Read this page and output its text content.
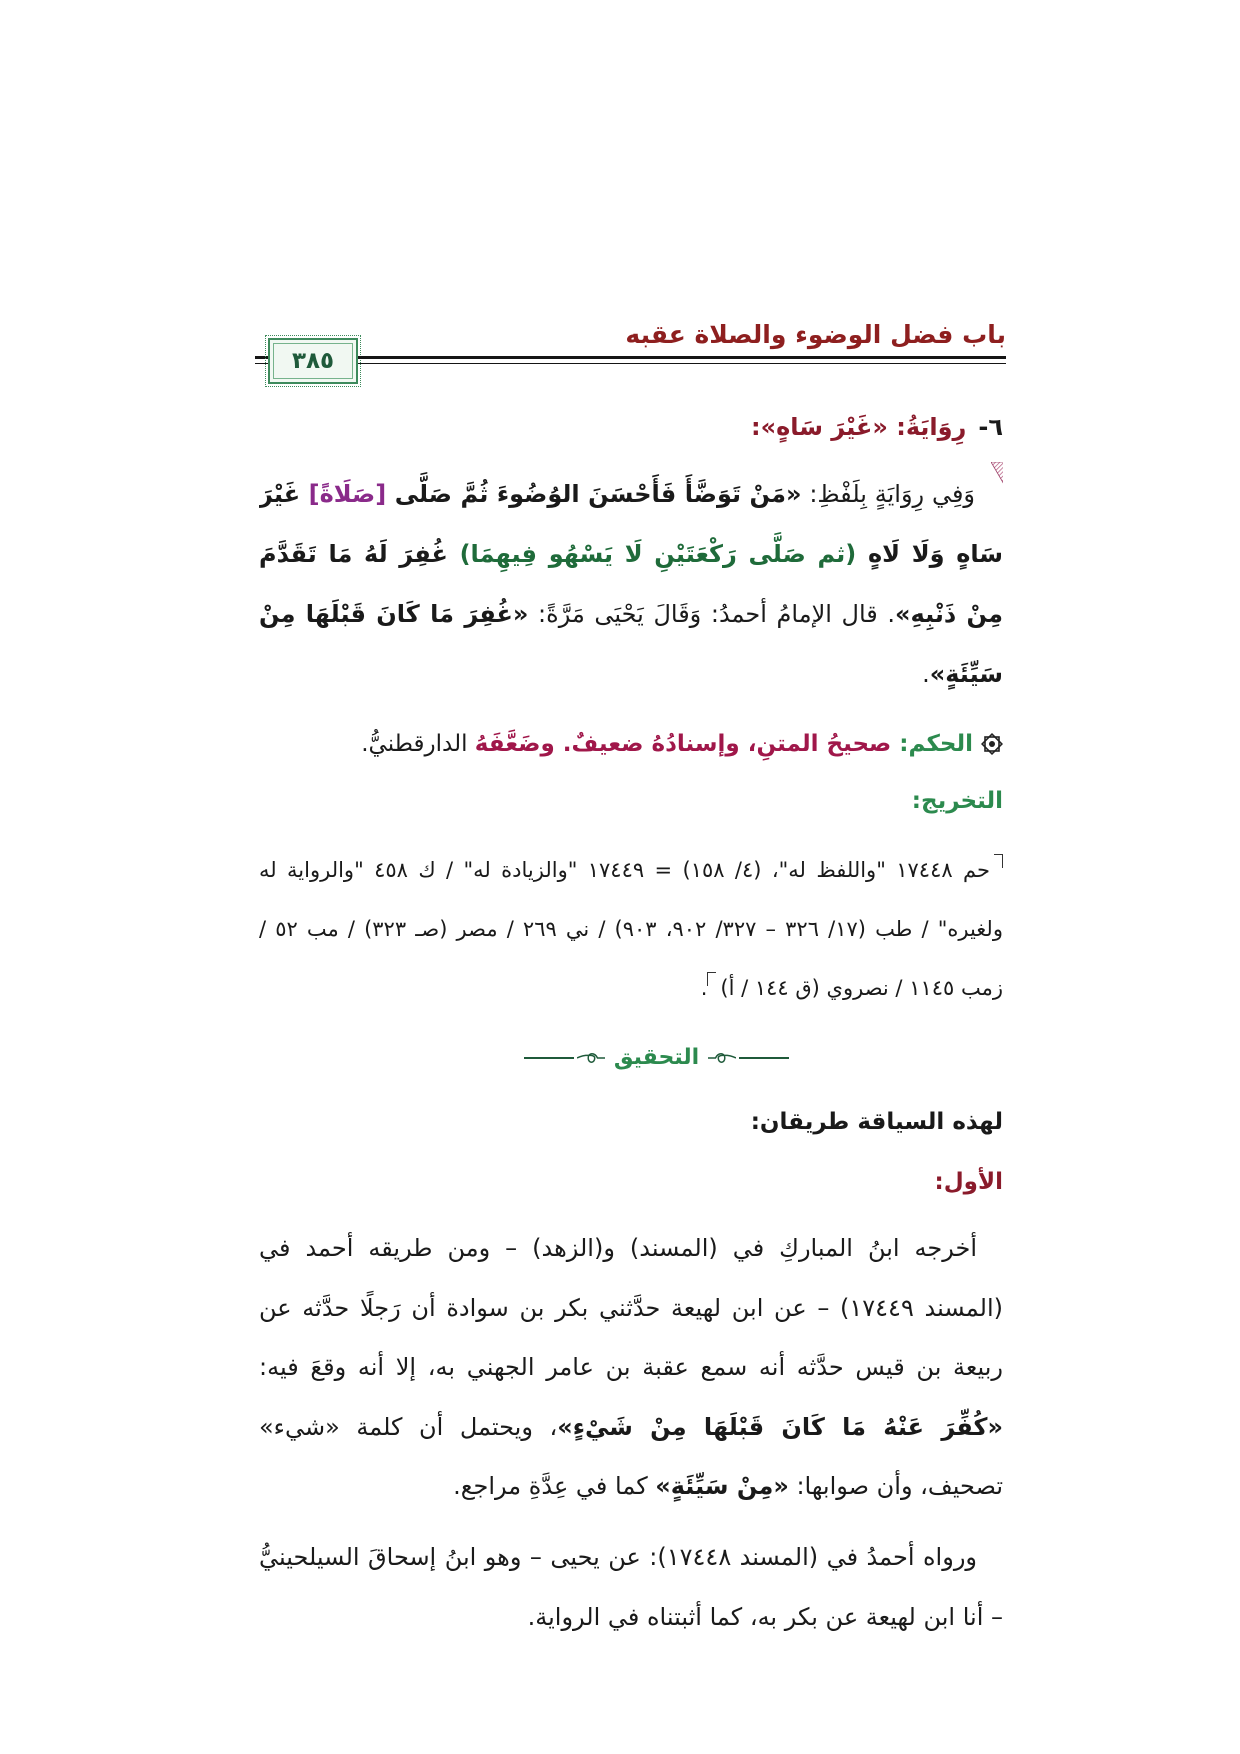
باب فضل الوضوء والصلاة عقبه
٣٨٥
٦-رِوَايَةُ: «غَيْرَ سَاهٍ»:
وَفِي رِوَايَةٍ بِلَفْظِ: «مَنْ تَوَضَّأَ فَأَحْسَنَ الوُضُوءَ ثُمَّ صَلَّى [صَلَاةً] غَيْرَ سَاهٍ وَلَا لَاهٍ (ثم صَلَّى رَكْعَتَيْنِ لَا يَسْهُو فِيهِمَا) غُفِرَ لَهُ مَا تَقَدَّمَ مِنْ ذَنْبِهِ». قال الإمامُ أحمدُ: وَقَالَ يَحْيَى مَرَّةً: «غُفِرَ مَا كَانَ قَبْلَهَا مِنْ سَيِّئَةٍ».
الحكم: صحيحُ المتنِ، وإسنادُهُ ضعيفٌ. وضَعَّفَهُ الدارقطنيُّ.
التخريج:
حم ١٧٤٤٨ "واللفظ له"، (٤/ ١٥٨) = ١٧٤٤٩ "والزيادة له" / ك ٤٥٨ "والرواية له ولغيره" / طب (١٧/ ٣٢٦ – ٣٢٧/ ٩٠٢، ٩٠٣) / ني ٢٦٩ / مصر (صـ ٣٢٣) / مب ٥٢ / زمب ١١٤٥ / نصروي (ق ١٤٤ / أ).
التحقيق
لهذه السياقة طريقان:
الأول:
أخرجه ابنُ المباركِ في (المسند) و(الزهد) – ومن طريقه أحمد في (المسند ١٧٤٤٩) – عن ابن لهيعة حدَّثني بكر بن سوادة أن رَجلًا حدَّثه عن ربيعة بن قيس حدَّثه أنه سمع عقبة بن عامر الجهني به، إلا أنه وقعَ فيه: «كُفِّرَ عَنْهُ مَا كَانَ قَبْلَهَا مِنْ شَيْءٍ»، ويحتمل أن كلمة «شيء» تصحيف، وأن صوابها: «مِنْ سَيِّئَةٍ» كما في عِدَّةِ مراجع.
ورواه أحمدُ في (المسند ١٧٤٤٨): عن يحيى – وهو ابنُ إسحاقَ السيلحينيُّ – أنا ابن لهيعة عن بكر به، كما أثبتناه في الرواية.
